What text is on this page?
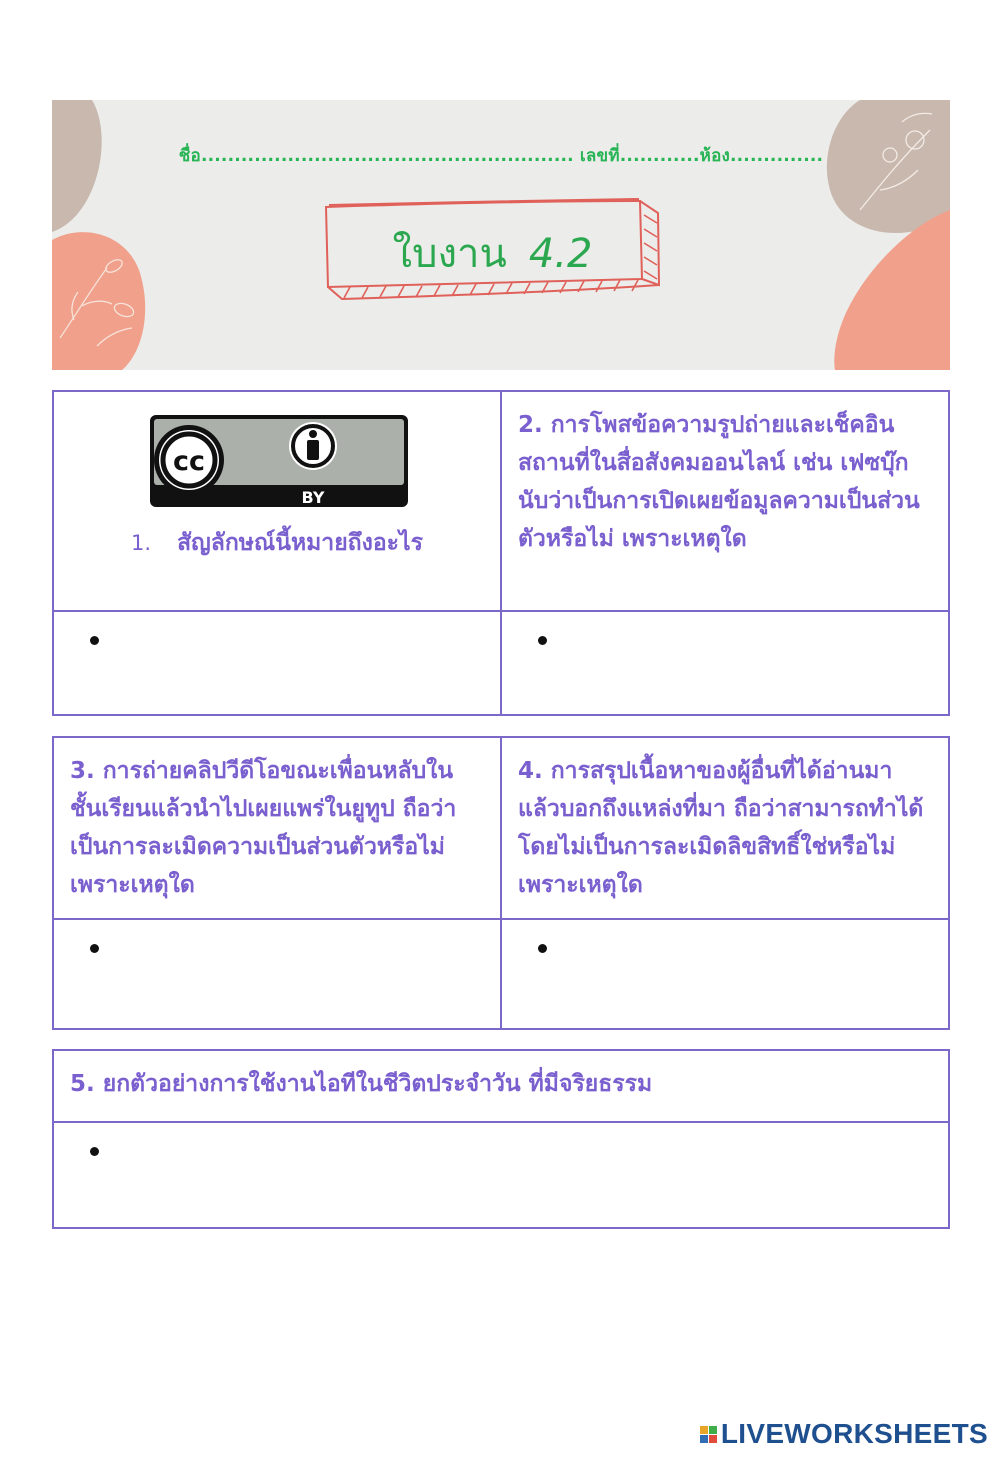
ชื่อ........................................................ เลขที่............ห้อง..............
ใบงาน 4.2
cc
BY
1. สัญลักษณ์นี้หมายถึงอะไร
2. การโพสข้อความรูปถ่ายและเช็คอินสถานที่ในสื่อสังคมออนไลน์ เช่น เฟซบุ๊ก นับว่าเป็นการเปิดเผยข้อมูลความเป็นส่วนตัวหรือไม่ เพราะเหตุใด
3. การถ่ายคลิปวีดีโอขณะเพื่อนหลับในชั้นเรียนแล้วนำไปเผยแพร่ในยูทูป ถือว่าเป็นการละเมิดความเป็นส่วนตัวหรือไม่ เพราะเหตุใด
4. การสรุปเนื้อหาของผู้อื่นที่ได้อ่านมาแล้วบอกถึงแหล่งที่มา ถือว่าสามารถทำได้โดยไม่เป็นการละเมิดลิขสิทธิ์ใช่หรือไม่ เพราะเหตุใด
5. ยกตัวอย่างการใช้งานไอทีในชีวิตประจำวัน ที่มีจริยธรรม
LIVEWORKSHEETS
